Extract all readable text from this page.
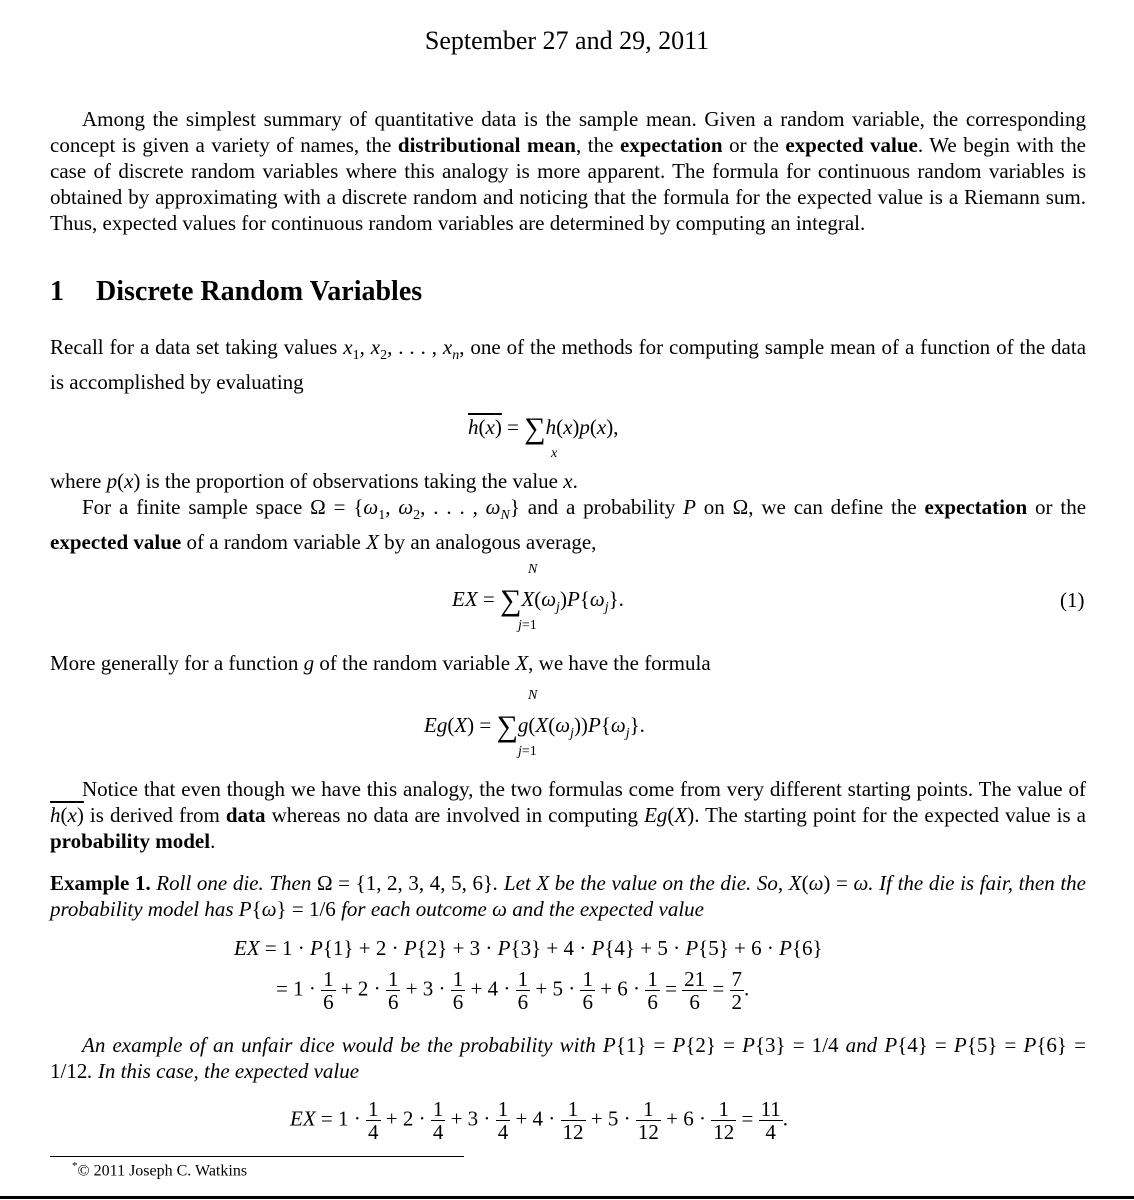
September 27 and 29, 2011
Among the simplest summary of quantitative data is the sample mean. Given a random variable, the corresponding concept is given a variety of names, the distributional mean, the expectation or the expected value. We begin with the case of discrete random variables where this analogy is more apparent. The formula for continuous random variables is obtained by approximating with a discrete random and noticing that the formula for the expected value is a Riemann sum. Thus, expected values for continuous random variables are determined by computing an integral.
1 Discrete Random Variables
Recall for a data set taking values $x_1$, $x_2$, . . . , $x_n$, one of the methods for computing sample mean of a function of the data is accomplished by evaluating
$\overline{h}(\overline{x}) = \sum h(x)p(x)$,
x
where p(x) is the proportion of observations taking the value x.
For a finite sample space $\Omega = \{\omega_1$, $\omega_2$, . . . , $\omega_N$} and a probability P on Ω, we can define the expectation or the expected value of a random variable X by an analogous average,
EX = $\sum X(\omega_j)P\{\omega_j\}$.
N
j=1
(1)
More generally for a function g of the random variable X, we have the formula
$Eg(X) = \sum g(X(\omega_j))P\{\omega_j\}$.
N
j=1
Notice that even though we have this analogy, the two formulas come from very different starting points. The value of $\overline{h}(\overline{x})$ is derived from data whereas no data are involved in computing Eg(X). The starting point for the expected value is a probability model.
Example 1. Roll one die. Then Ω = {1, 2, 3, 4, 5, 6}. Let X be the value on the die. So, X(ω) = ω. If the die is fair, then the probability model has P{ω} = 1/6 for each outcome ω and the expected value
EX = 1 · P{1} + 2 · P{2} + 3 · P{3} + 4 · P{4} + 5 · P{5} + 6 · P{6}
= $1 \cdot \frac{1}{6} + 2 \cdot \frac{1}{6} + 3 \cdot \frac{1}{6} + 4 \cdot \frac{1}{6} + 5 \cdot \frac{1}{6} + 6 \cdot \frac{1}{6} = \frac{21}{6} = \frac{7}{2}$ .
An example of an unfair dice would be the probability with P{1} = P{2} = P{3} = 1/4 and P{4} = P{5} = P{6} = 1/12. In this case, the expected value
EX = $1 \cdot \frac{1}{4} + 2 \cdot \frac{1}{4} + 3 \cdot \frac{1}{4} + 4 \cdot \frac{1}{12} + 5 \cdot \frac{1}{12} + 6 \cdot \frac{1}{12} = \frac{11}{4}$ .
*© 2011 Joseph C. Watkins
